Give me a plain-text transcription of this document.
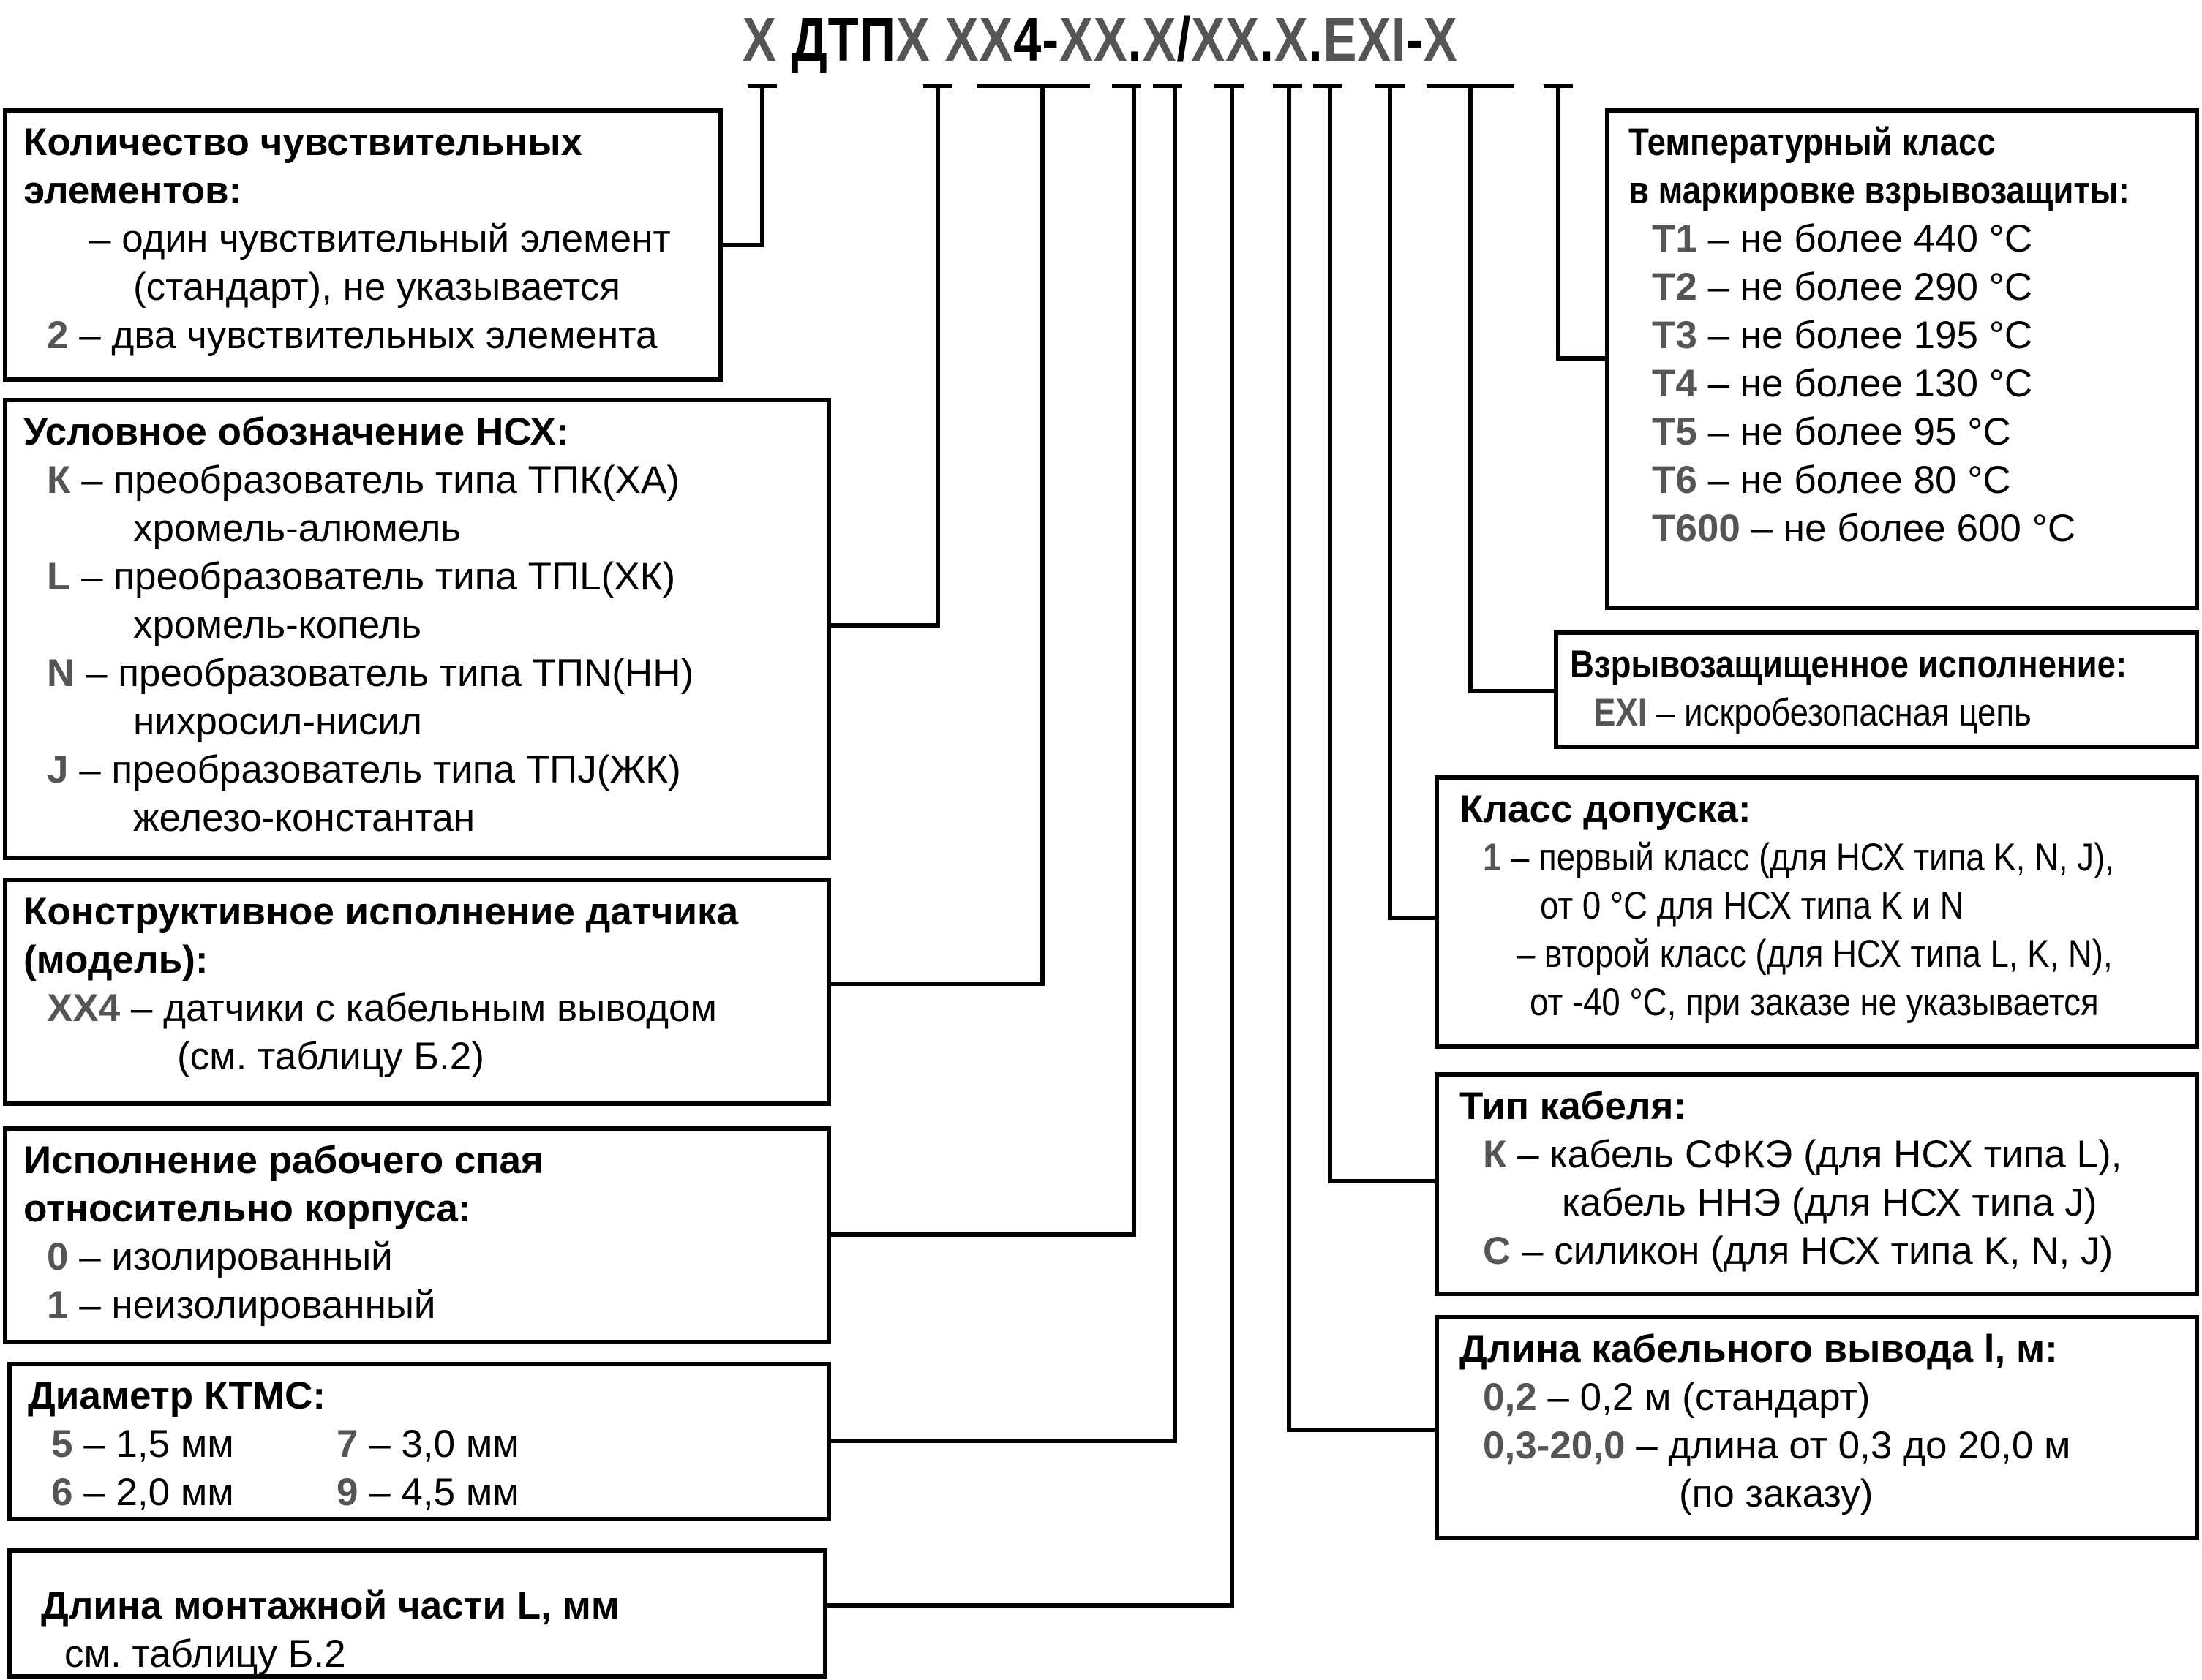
Х ДТПХ ХХ4-ХХ.Х/ХХ.Х.EXI-Х
Количество чувствительных
элементов:
– один чувствительный элемент
(стандарт), не указывается
2 – два чувствительных элемента
Условное обозначение НСХ:
К – преобразователь типа ТПК(ХА)
хромель-алюмель
L – преобразователь типа ТПL(ХК)
хромель-копель
N – преобразователь типа ТПN(НН)
нихросил-нисил
J – преобразователь типа ТПJ(ЖК)
железо-константан
Конструктивное исполнение датчика
(модель):
ХХ4 – датчики с кабельным выводом
(см. таблицу Б.2)
Исполнение рабочего спая
относительно корпуса:
0 – изолированный
1 – неизолированный
Диаметр КТМС:
5 – 1,5 мм	7 – 3,0 мм
6 – 2,0 мм	9 – 4,5 мм
Длина монтажной части L, мм
см. таблицу Б.2
Температурный класс
в маркировке взрывозащиты:
Т1 – не более 440 °С
Т2 – не более 290 °С
Т3 – не более 195 °С
Т4 – не более 130 °С
Т5 – не более 95 °С
Т6 – не более 80 °С
Т600 – не более 600 °С
Взрывозащищенное исполнение:
EXI – искробезопасная цепь
Класс допуска:
1 – первый класс (для НСХ типа K, N, J),
от 0 °С для НСХ типа K и N
– второй класс (для НСХ типа L, K, N),
от -40 °С, при заказе не указывается
Тип кабеля:
К – кабель СФКЭ (для НСХ типа L),
кабель ННЭ (для НСХ типа J)
С – силикон (для НСХ типа K, N, J)
Длина кабельного вывода l, м:
0,2 – 0,2 м (стандарт)
0,3-20,0 – длина от 0,3 до 20,0 м
(по заказу)
